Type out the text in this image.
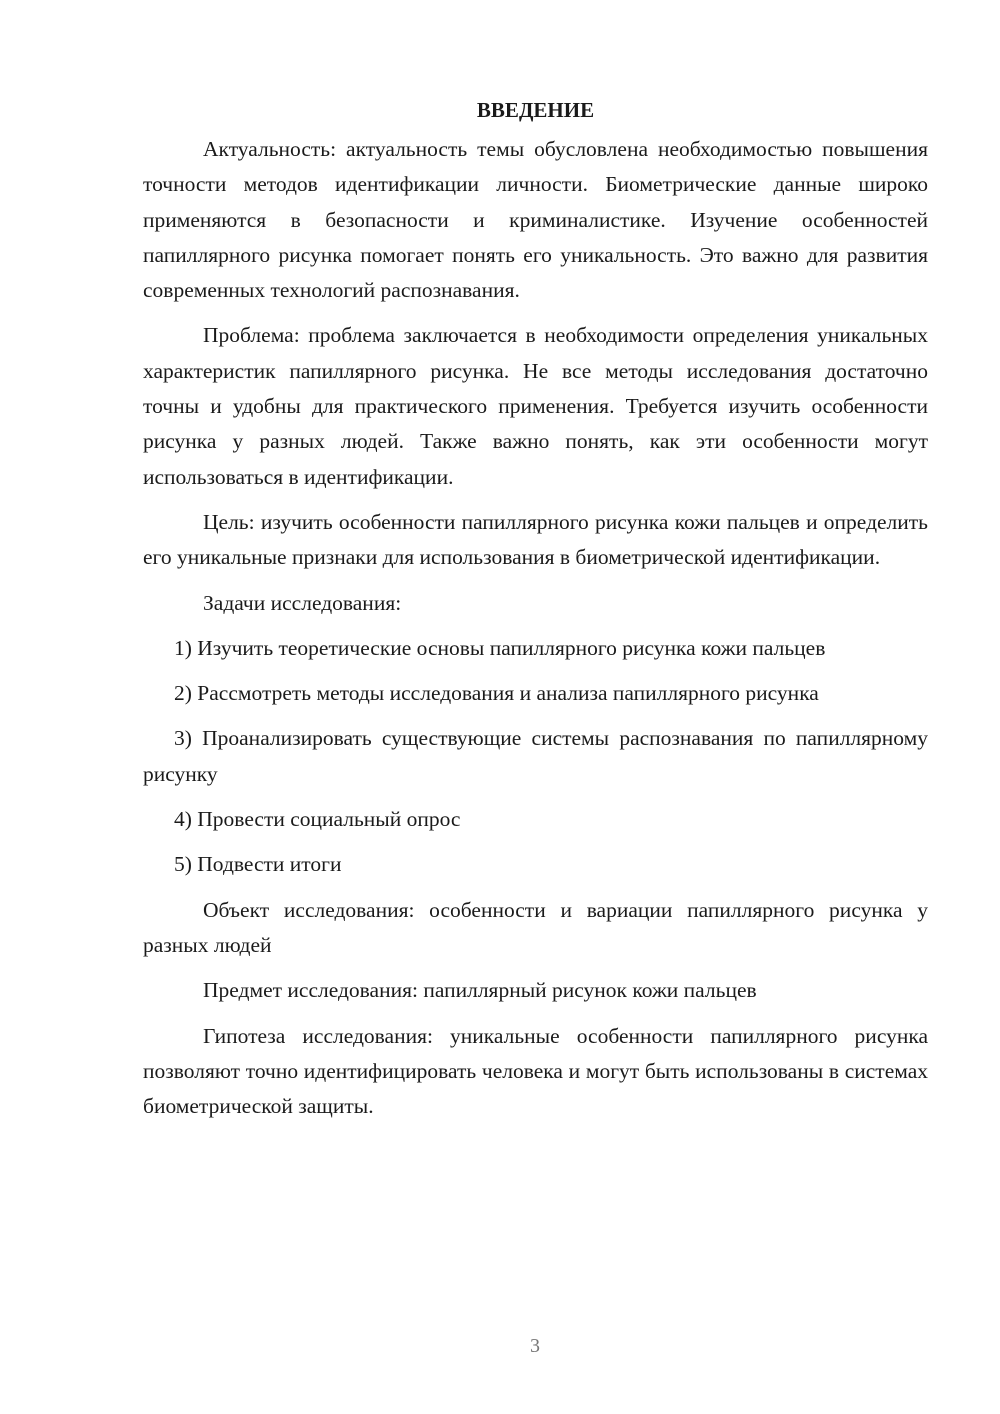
ВВЕДЕНИЕ

Актуальность: актуальность темы обусловлена необходимостью повышения точности методов идентификации личности. Биометрические данные широко применяются в безопасности и криминалистике. Изучение особенностей папиллярного рисунка помогает понять его уникальность. Это важно для развития современных технологий распознавания.

Проблема: проблема заключается в необходимости определения уникальных характеристик папиллярного рисунка. Не все методы исследования достаточно точны и удобны для практического применения. Требуется изучить особенности рисунка у разных людей. Также важно понять, как эти особенности могут использоваться в идентификации.

Цель: изучить особенности папиллярного рисунка кожи пальцев и определить его уникальные признаки для использования в биометрической идентификации.

Задачи исследования:

1) Изучить теоретические основы папиллярного рисунка кожи пальцев

2) Рассмотреть методы исследования и анализа папиллярного рисунка

3) Проанализировать существующие системы распознавания по папиллярному рисунку

4) Провести социальный опрос

5) Подвести итоги

Объект исследования: особенности и вариации папиллярного рисунка у разных людей

Предмет исследования: папиллярный рисунок кожи пальцев

Гипотеза исследования: уникальные особенности папиллярного рисунка позволяют точно идентифицировать человека и могут быть использованы в системах биометрической защиты.

3
